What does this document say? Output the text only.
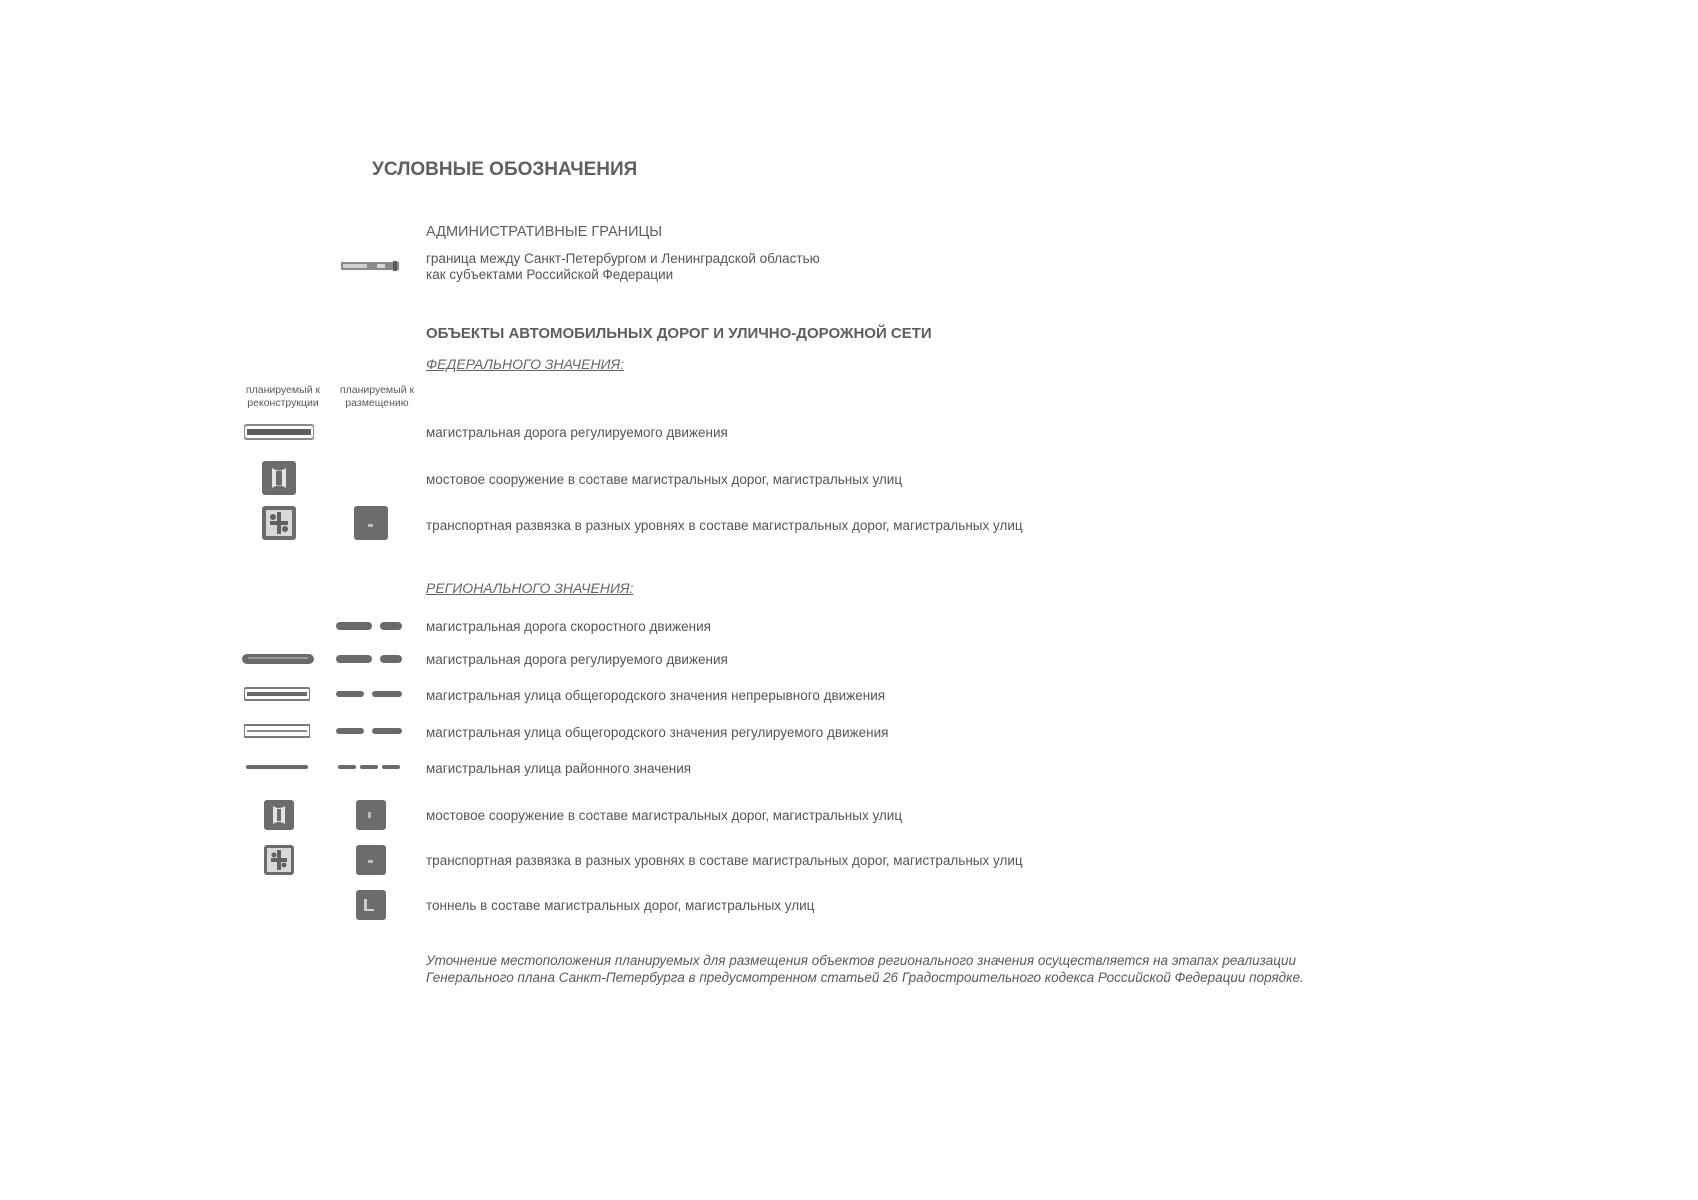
УСЛОВНЫЕ ОБОЗНАЧЕНИЯ
АДМИНИСТРАТИВНЫЕ ГРАНИЦЫ
граница между Санкт-Петербургом и Ленинградской областью
как субъектами Российской Федерации
ОБЪЕКТЫ АВТОМОБИЛЬНЫХ ДОРОГ И УЛИЧНО-ДОРОЖНОЙ СЕТИ
ФЕДЕРАЛЬНОГО ЗНАЧЕНИЯ:
планируемый к
реконструкции
планируемый к
размещению
магистральная дорога регулируемого движения
мостовое сооружение в составе магистральных дорог, магистральных улиц
транспортная развязка в разных уровнях в составе магистральных дорог, магистральных улиц
РЕГИОНАЛЬНОГО ЗНАЧЕНИЯ:
магистральная дорога скоростного движения
магистральная дорога регулируемого движения
магистральная улица общегородского значения непрерывного движения
магистральная улица общегородского значения регулируемого движения
магистральная улица районного значения
мостовое сооружение в составе магистральных дорог, магистральных улиц
транспортная развязка в разных уровнях в составе магистральных дорог, магистральных улиц
тоннель в составе магистральных дорог, магистральных улиц
Уточнение местоположения планируемых для размещения объектов регионального значения осуществляется на этапах реализации
Генерального плана Санкт-Петербурга в предусмотренном статьей 26 Градостроительного кодекса Российской Федерации порядке.
